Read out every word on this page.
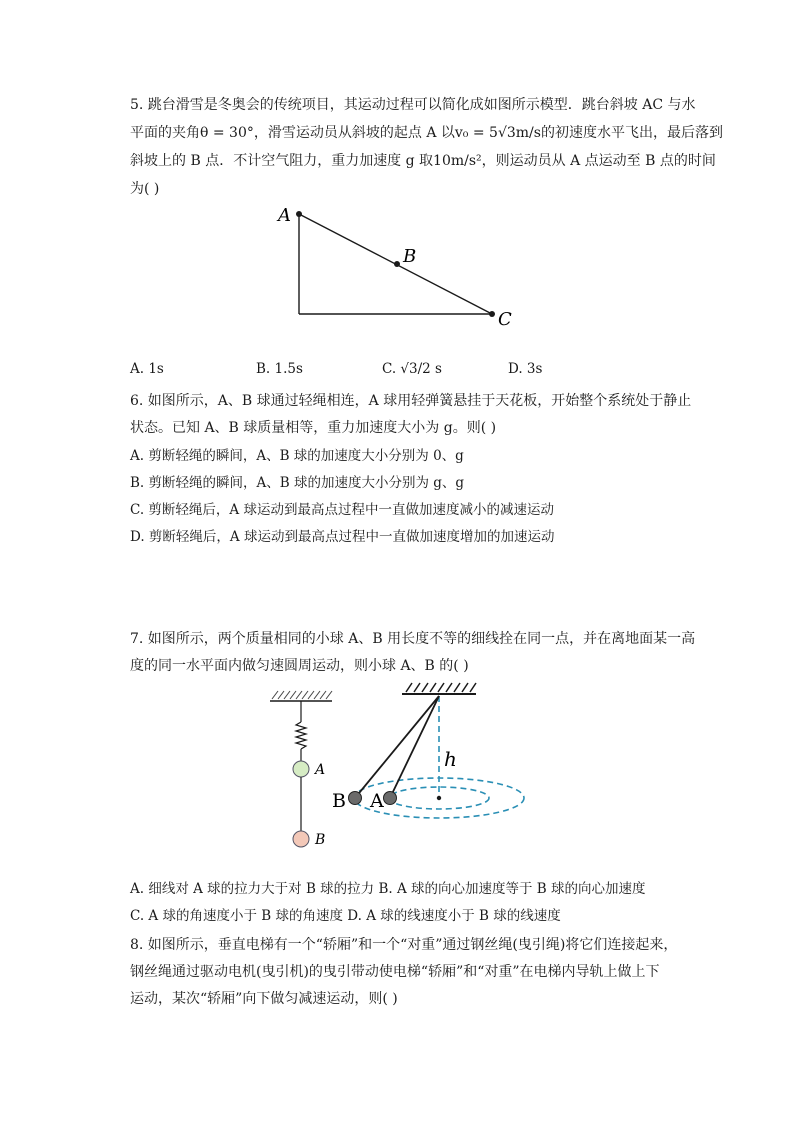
5. 跳台滑雪是冬奥会的传统项目，其运动过程可以简化成如图所示模型．跳台斜坡 AC 与水
平面的夹角θ = 30°，滑雪运动员从斜坡的起点 A 以v₀ = 5√3m/s的初速度水平飞出，最后落到
斜坡上的 B 点．不计空气阻力，重力加速度 g 取10m/s²，则运动员从 A 点运动至 B 点的时间
为( )
A
B
C
A. 1s	B. 1.5s	C. √3/2 s	D. 3s
6. 如图所示，A、B 球通过轻绳相连，A 球用轻弹簧悬挂于天花板，开始整个系统处于静止
状态。已知 A、B 球质量相等，重力加速度大小为 g。则( )
A. 剪断轻绳的瞬间，A、B 球的加速度大小分别为 0、g
B. 剪断轻绳的瞬间，A、B 球的加速度大小分别为 g、g
C. 剪断轻绳后，A 球运动到最高点过程中一直做加速度减小的减速运动
D. 剪断轻绳后，A 球运动到最高点过程中一直做加速度增加的加速运动
7. 如图所示，两个质量相同的小球 A、B 用长度不等的细线拴在同一点，并在离地面某一高
度的同一水平面内做匀速圆周运动，则小球 A、B 的( )
A
B
h
B A
A. 细线对 A 球的拉力大于对 B 球的拉力 B. A 球的向心加速度等于 B 球的向心加速度
C. A 球的角速度小于 B 球的角速度 D. A 球的线速度小于 B 球的线速度
8. 如图所示，垂直电梯有一个“轿厢”和一个“对重”通过钢丝绳(曳引绳)将它们连接起来，
钢丝绳通过驱动电机(曳引机)的曳引带动使电梯“轿厢”和“对重”在电梯内导轨上做上下
运动，某次“轿厢”向下做匀减速运动，则( )
